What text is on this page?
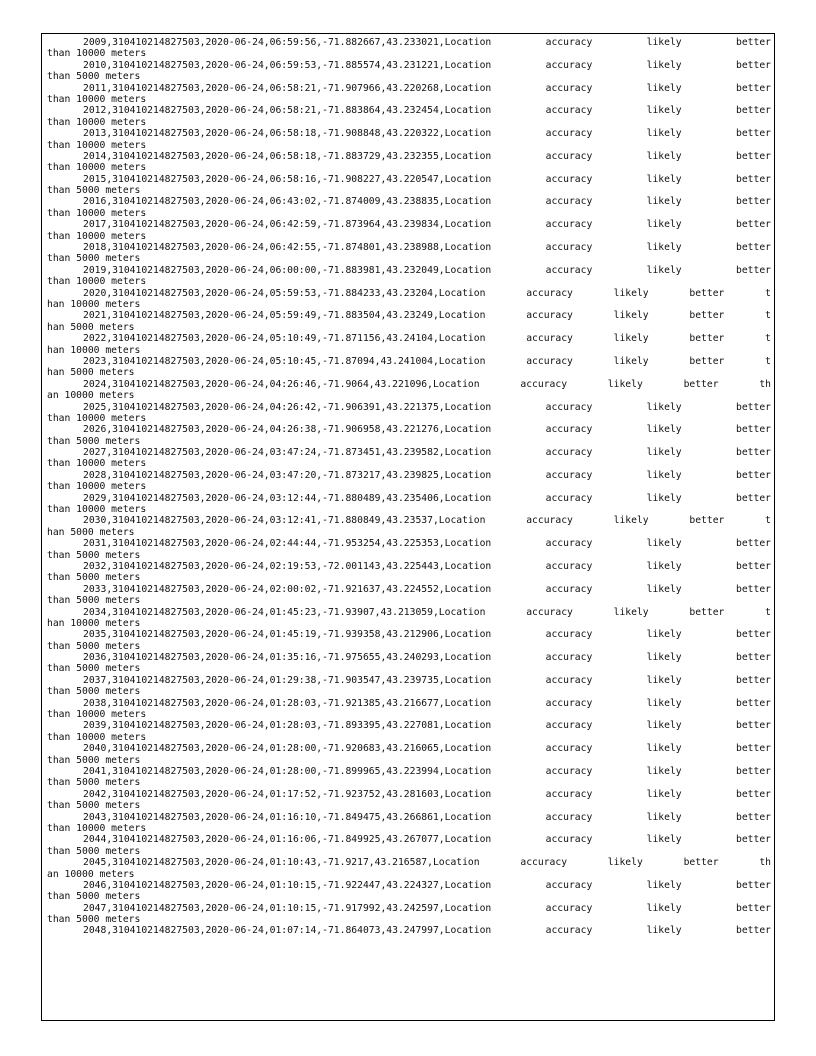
2009,310410214827503,2020-06-24,06:59:56,-71.882667,43.233021,Location accuracy likely better
than 10000 meters
2010,310410214827503,2020-06-24,06:59:53,-71.885574,43.231221,Location accuracy likely better
than 5000 meters
2011,310410214827503,2020-06-24,06:58:21,-71.907966,43.220268,Location accuracy likely better
than 10000 meters
2012,310410214827503,2020-06-24,06:58:21,-71.883864,43.232454,Location accuracy likely better
than 10000 meters
2013,310410214827503,2020-06-24,06:58:18,-71.908848,43.220322,Location accuracy likely better
than 10000 meters
2014,310410214827503,2020-06-24,06:58:18,-71.883729,43.232355,Location accuracy likely better
than 10000 meters
2015,310410214827503,2020-06-24,06:58:16,-71.908227,43.220547,Location accuracy likely better
than 5000 meters
2016,310410214827503,2020-06-24,06:43:02,-71.874009,43.238835,Location accuracy likely better
than 10000 meters
2017,310410214827503,2020-06-24,06:42:59,-71.873964,43.239834,Location accuracy likely better
than 10000 meters
2018,310410214827503,2020-06-24,06:42:55,-71.874801,43.238988,Location accuracy likely better
than 5000 meters
2019,310410214827503,2020-06-24,06:00:00,-71.883981,43.232049,Location accuracy likely better
than 10000 meters
2020,310410214827503,2020-06-24,05:59:53,-71.884233,43.23204,Location accuracy likely better t
han 10000 meters
2021,310410214827503,2020-06-24,05:59:49,-71.883504,43.23249,Location accuracy likely better t
han 5000 meters
2022,310410214827503,2020-06-24,05:10:49,-71.871156,43.24104,Location accuracy likely better t
han 10000 meters
2023,310410214827503,2020-06-24,05:10:45,-71.87094,43.241004,Location accuracy likely better t
han 5000 meters
2024,310410214827503,2020-06-24,04:26:46,-71.9064,43.221096,Location accuracy likely better th
an 10000 meters
2025,310410214827503,2020-06-24,04:26:42,-71.906391,43.221375,Location accuracy likely better
than 10000 meters
2026,310410214827503,2020-06-24,04:26:38,-71.906958,43.221276,Location accuracy likely better
than 5000 meters
2027,310410214827503,2020-06-24,03:47:24,-71.873451,43.239582,Location accuracy likely better
than 10000 meters
2028,310410214827503,2020-06-24,03:47:20,-71.873217,43.239825,Location accuracy likely better
than 10000 meters
2029,310410214827503,2020-06-24,03:12:44,-71.880489,43.235406,Location accuracy likely better
than 10000 meters
2030,310410214827503,2020-06-24,03:12:41,-71.880849,43.23537,Location accuracy likely better t
han 5000 meters
2031,310410214827503,2020-06-24,02:44:44,-71.953254,43.225353,Location accuracy likely better
than 5000 meters
2032,310410214827503,2020-06-24,02:19:53,-72.001143,43.225443,Location accuracy likely better
than 5000 meters
2033,310410214827503,2020-06-24,02:00:02,-71.921637,43.224552,Location accuracy likely better
than 5000 meters
2034,310410214827503,2020-06-24,01:45:23,-71.93907,43.213059,Location accuracy likely better t
han 10000 meters
2035,310410214827503,2020-06-24,01:45:19,-71.939358,43.212906,Location accuracy likely better
than 5000 meters
2036,310410214827503,2020-06-24,01:35:16,-71.975655,43.240293,Location accuracy likely better
than 5000 meters
2037,310410214827503,2020-06-24,01:29:38,-71.903547,43.239735,Location accuracy likely better
than 5000 meters
2038,310410214827503,2020-06-24,01:28:03,-71.921385,43.216677,Location accuracy likely better
than 10000 meters
2039,310410214827503,2020-06-24,01:28:03,-71.893395,43.227081,Location accuracy likely better
than 10000 meters
2040,310410214827503,2020-06-24,01:28:00,-71.920683,43.216065,Location accuracy likely better
than 5000 meters
2041,310410214827503,2020-06-24,01:28:00,-71.899965,43.223994,Location accuracy likely better
than 5000 meters
2042,310410214827503,2020-06-24,01:17:52,-71.923752,43.281603,Location accuracy likely better
than 5000 meters
2043,310410214827503,2020-06-24,01:16:10,-71.849475,43.266861,Location accuracy likely better
than 10000 meters
2044,310410214827503,2020-06-24,01:16:06,-71.849925,43.267077,Location accuracy likely better
than 5000 meters
2045,310410214827503,2020-06-24,01:10:43,-71.9217,43.216587,Location accuracy likely better th
an 10000 meters
2046,310410214827503,2020-06-24,01:10:15,-71.922447,43.224327,Location accuracy likely better
than 5000 meters
2047,310410214827503,2020-06-24,01:10:15,-71.917992,43.242597,Location accuracy likely better
than 5000 meters
2048,310410214827503,2020-06-24,01:07:14,-71.864073,43.247997,Location accuracy likely better
